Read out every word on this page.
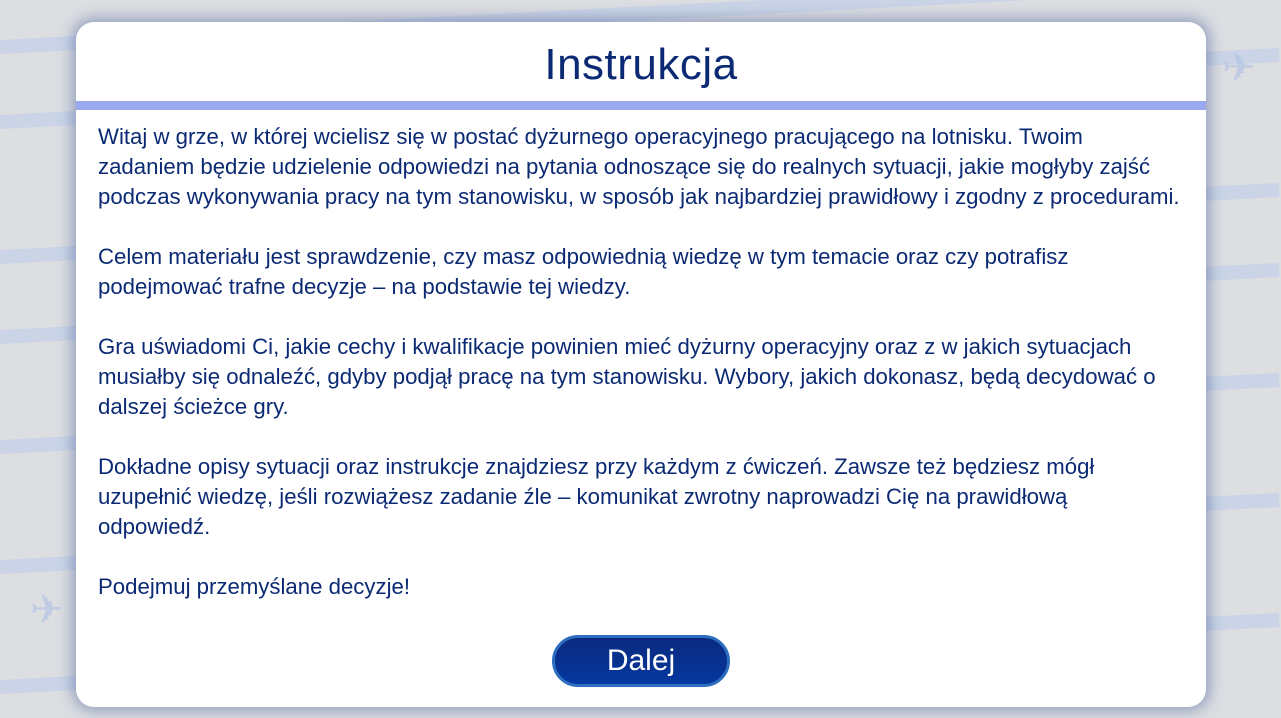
✈
✈
Instrukcja

Witaj w grze, w której wcielisz się w postać dyżurnego operacyjnego pracującego na lotnisku. Twoim zadaniem będzie udzielenie odpowiedzi na pytania odnoszące się do realnych sytuacji, jakie mogłyby zajść podczas wykonywania pracy na tym stanowisku, w sposób jak najbardziej prawidłowy i zgodny z procedurami.

Celem materiału jest sprawdzenie, czy masz odpowiednią wiedzę w tym temacie oraz czy potrafisz podejmować trafne decyzje – na podstawie tej wiedzy.

Gra uświadomi Ci, jakie cechy i kwalifikacje powinien mieć dyżurny operacyjny oraz z w jakich sytuacjach musiałby się odnaleźć, gdyby podjął pracę na tym stanowisku. Wybory, jakich dokonasz, będą decydować o dalszej ścieżce gry.

Dokładne opisy sytuacji oraz instrukcje znajdziesz przy każdym z ćwiczeń. Zawsze też będziesz mógł uzupełnić wiedzę, jeśli rozwiążesz zadanie źle – komunikat zwrotny naprowadzi Cię na prawidłową odpowiedź.

Podejmuj przemyślane decyzje!

Dalej
